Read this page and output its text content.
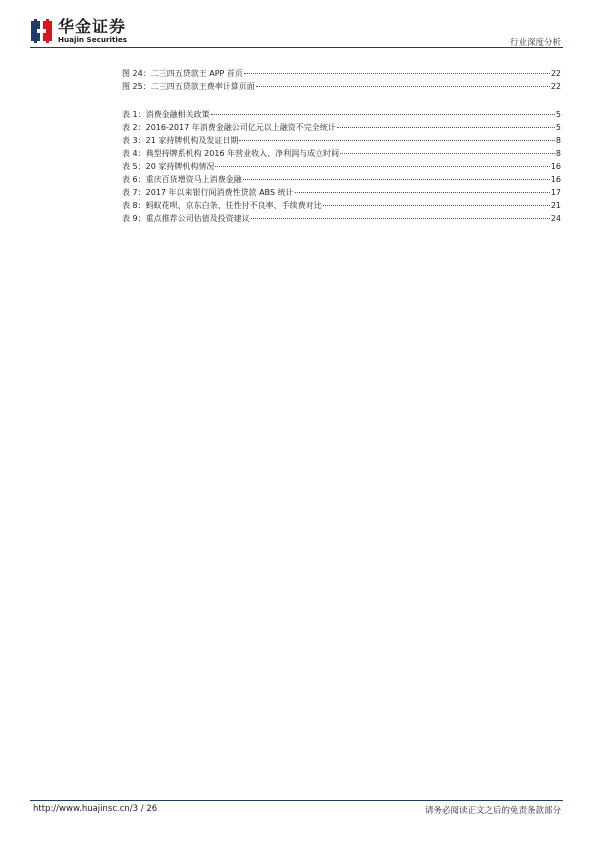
华金证券
Huajin Securities	行业深度分析
图 24：二三四五贷款王 APP 首页	22
图 25：二三四五贷款王费率计算页面	22
表 1：消费金融相关政策	5
表 2：2016-2017 年消费金融公司亿元以上融资不完全统计	5
表 3：21 家持牌机构及发证日期	8
表 4：典型持牌系机构 2016 年营业收入、净利润与成立时间	8
表 5：20 家持牌机构情况	16
表 6：重庆百货增资马上消费金融	16
表 7：2017 年以来银行间消费性贷款 ABS 统计	17
表 8：蚂蚁花呗、京东白条、任性付不良率、手续费对比	21
表 9：重点推荐公司估值及投资建议	24
http://www.huajinsc.cn/3 / 26	请务必阅读正文之后的免责条款部分
